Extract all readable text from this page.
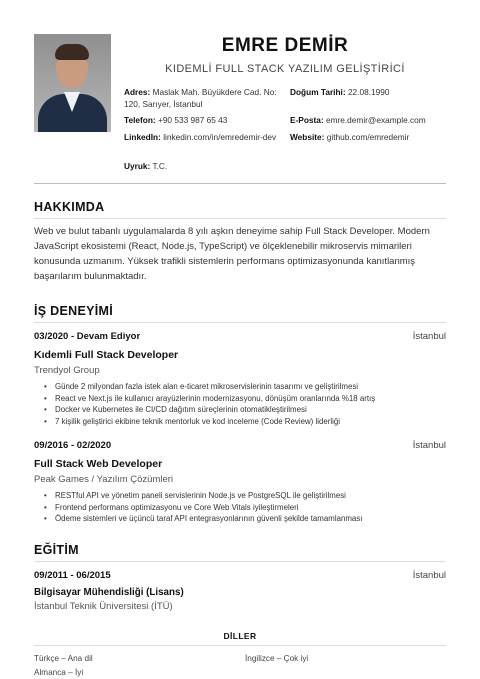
EMRE DEMİR
KIDEMLİ FULL STACK YAZILIM GELİŞTİRİCİ
Adres: Maslak Mah. Büyükdere Cad. No: 120, Sarıyer, İstanbul
Doğum Tarihi: 22.08.1990
Telefon: +90 533 987 65 43	E-Posta: emre.demir@example.com
LinkedIn: linkedin.com/in/emredemir-dev	Website: github.com/emredemir
Uyruk: T.C.
HAKKIMDA
Web ve bulut tabanlı uygulamalarda 8 yılı aşkın deneyime sahip Full Stack Developer. Modern JavaScript ekosistemi (React, Node.js, TypeScript) ve ölçeklenebilir mikroservis mimarileri konusunda uzmanım. Yüksek trafikli sistemlerin performans optimizasyonunda kanıtlanmış başarılarım bulunmaktadır.
İŞ DENEYİMİ
03/2020 - Devam Ediyor	İstanbul
Kıdemli Full Stack Developer
Trendyol Group
• Günde 2 milyondan fazla istek alan e-ticaret mikroservislerinin tasarımı ve geliştirilmesi
• React ve Next.js ile kullanıcı arayüzlerinin modernizasyonu, dönüşüm oranlarında %18 artış
• Docker ve Kubernetes ile CI/CD dağıtım süreçlerinin otomatikleştirilmesi
• 7 kişilik geliştirici ekibine teknik mentorluk ve kod inceleme (Code Review) liderliği
09/2016 - 02/2020	İstanbul
Full Stack Web Developer
Peak Games / Yazılım Çözümleri
• RESTful API ve yönetim paneli servislerinin Node.js ve PostgreSQL ile geliştirilmesi
• Frontend performans optimizasyonu ve Core Web Vitals iyileştirmeleri
• Ödeme sistemleri ve üçüncü taraf API entegrasyonlarının güvenli şekilde tamamlanması
EĞİTİM
09/2011 - 06/2015	İstanbul
Bilgisayar Mühendisliği (Lisans)
İstanbul Teknik Üniversitesi (İTÜ)
DİLLER
Türkçe – Ana dil	İngilizce – Çok iyi
Almanca – İyi
